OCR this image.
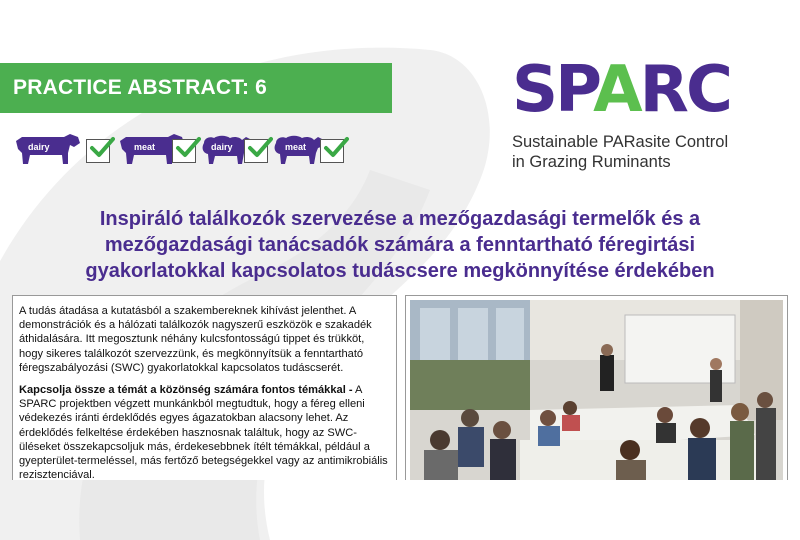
PRACTICE ABSTRACT: 6
dairy	meat	dairy	meat
SPARC
Sustainable PARasite Control
in Grazing Ruminants
Inspiráló találkozók szervezése a mezőgazdasági termelők és a
mezőgazdasági tanácsadók számára a fenntartható féregirtási
gyakorlatokkal kapcsolatos tudáscsere megkönnyítése érdekében

A tudás átadása a kutatásból a szakembereknek kihívást jelenthet. A demonstrációk és a hálózati találkozók nagyszerű eszközök e szakadék áthidalására. Itt megosztunk néhány kulcsfontosságú tippet és trükköt, hogy sikeres találkozót szervezzünk, és megkönnyítsük a fenntartható féregszabályozási (SWC) gyakorlatokkal kapcsolatos tudáscserét.

Kapcsolja össze a témát a közönség számára fontos témákkal - A SPARC projektben végzett munkánkból megtudtuk, hogy a féreg elleni védekezés iránti érdeklődés egyes ágazatokban alacsony lehet. Az érdeklődés felkeltése érdekében hasznosnak találtuk, hogy az SWC-üléseket összekapcsoljuk más, érdekesebbnek ítélt témákkal, például a gyepterület-termeléssel, más fertőző betegségekkel vagy az antimikrobiális rezisztenciával.
